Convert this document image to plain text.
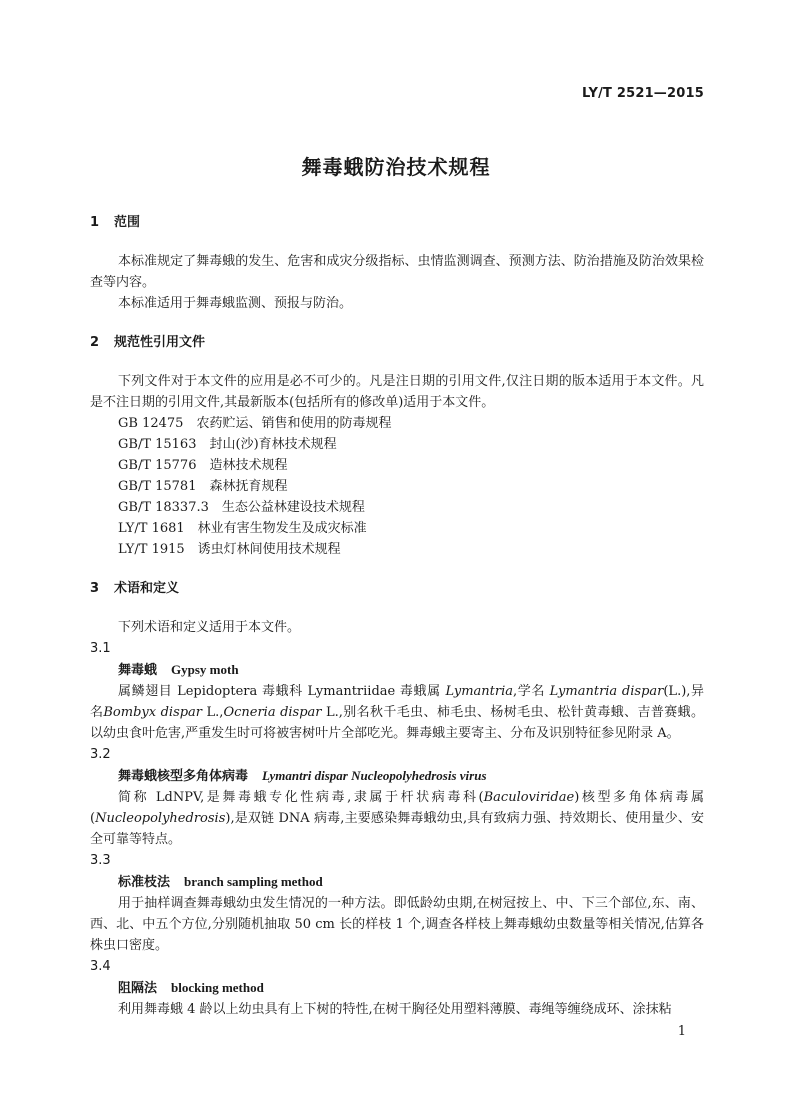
LY/T 2521—2015
舞毒蛾防治技术规程

1 范围

本标准规定了舞毒蛾的发生、危害和成灾分级指标、虫情监测调查、预测方法、防治措施及防治效果检查等内容。

本标准适用于舞毒蛾监测、预报与防治。

2 规范性引用文件

下列文件对于本文件的应用是必不可少的。凡是注日期的引用文件,仅注日期的版本适用于本文件。凡是不注日期的引用文件,其最新版本(包括所有的修改单)适用于本文件。

GB 12475　 农药贮运、销售和使用的防毒规程

GB/T 15163　 封山(沙)育林技术规程

GB/T 15776　 造林技术规程

GB/T 15781　 森林抚育规程

GB/T 18337.3　 生态公益林建设技术规程

LY/T 1681　 林业有害生物发生及成灾标准

LY/T 1915　 诱虫灯林间使用技术规程

3 术语和定义

下列术语和定义适用于本文件。

3.1

舞毒蛾 Gypsy moth

属鳞翅目 Lepidoptera 毒蛾科 Lymantriidae 毒蛾属 Lymantria,学名 Lymantria dispar(L.),异名Bombyx dispar L.,Ocneria dispar L.,别名秋千毛虫、柿毛虫、杨树毛虫、松针黄毒蛾、吉普赛蛾。以幼虫食叶危害,严重发生时可将被害树叶片全部吃光。舞毒蛾主要寄主、分布及识别特征参见附录 A。

3.2

舞毒蛾核型多角体病毒 Lymantri dispar Nucleopolyhedrosis virus

简称 LdNPV,是舞毒蛾专化性病毒,隶属于杆状病毒科(Baculoviridae)核型多角体病毒属(Nucleopolyhedrosis),是双链 DNA 病毒,主要感染舞毒蛾幼虫,具有致病力强、持效期长、使用量少、安全可靠等特点。

3.3

标准枝法 branch sampling method

用于抽样调查舞毒蛾幼虫发生情况的一种方法。即低龄幼虫期,在树冠按上、中、下三个部位,东、南、西、北、中五个方位,分别随机抽取 50 cm 长的样枝 1 个,调查各样枝上舞毒蛾幼虫数量等相关情况,估算各株虫口密度。

3.4

阻隔法 blocking method

利用舞毒蛾 4 龄以上幼虫具有上下树的特性,在树干胸径处用塑料薄膜、毒绳等缠绕成环、涂抹粘

1
